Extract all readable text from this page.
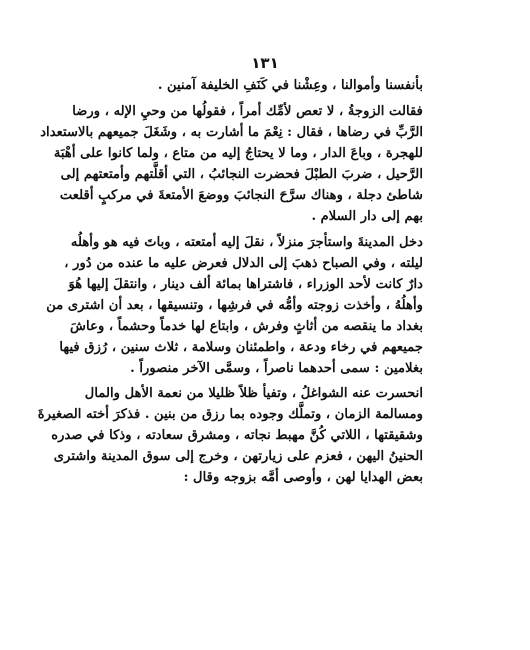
١٣١
بأنفسنا وأموالنا ، وعِشْنا في كَنَفِ الخليفة آمنين .
فقالت الزوجةُ ، لا تعص لأمِّك أمراً ، فقولُها من وحيِ الإله ، ورضا
الرَّبِّ في رضاها ، فقال : نِعْمَ ما أشارت به ، وشَغَلَ جميعهم بالاستعداد
للهجرة ، وباعَ الدار ، وما لا يحتاجُ إليه من متاع ، ولما كانوا على أهْبَة
الرَّحيل ، ضربَ الطبْلَ فحضرت النجائبُ ، التي أقلَّتهم وأمتعتهم إلى
شاطئ دجلة ، وهناك سرَّحَ النجائبَ ووضعَ الأمتعةَ في مركبٍ أقلعت
بهم إلى دار السلام .
دخل المدينةَ واستأجرَ منزلاً ، نقلَ إليه أمتعته ، وباتَ فيه هو وأهلُه
ليلته ، وفي الصباح ذهبَ إلى الدلال فعرض عليه ما عنده من دُور ،
دارٌ كانت لأحد الوزراء ، فاشتراها بمائة ألف دينار ، وانتقلَ إليها هُوَ
وأهلُهُ ، وأخذت زوجته وأمُّه في فرشِها ، وتنسيقها ، بعد أن اشترى من
بغداد ما ينقصه من أثاثٍ وفرش ، وابتاع لها خدماً وحشماً ، وعاشَ
جميعهم في رخاء ودعة ، واطمئنان وسلامة ، ثلاث سنين ، رُزق فيها
بغلامين : سمى أحدهما ناصراً ، وسمَّى الآخر منصوراً .
انحسرت عنه الشواغلُ ، وتفيأ ظلاً ظليلا من نعمة الأهل والمال
ومسالمة الزمان ، وتملَّك وجوده بما رزق من بنين . فذكرَ أخته الصغيرةَ
وشقيقتها ، اللاتي كُنَّ مهبط نجاته ، ومشرق سعادته ، وذكا في صدره
الحنينُ اليهن ، فعزم على زيارتهن ، وخرج إلى سوق المدينة واشترى
بعض الهدايا لهن ، وأوصى أمَّه بزوجه وقال :
